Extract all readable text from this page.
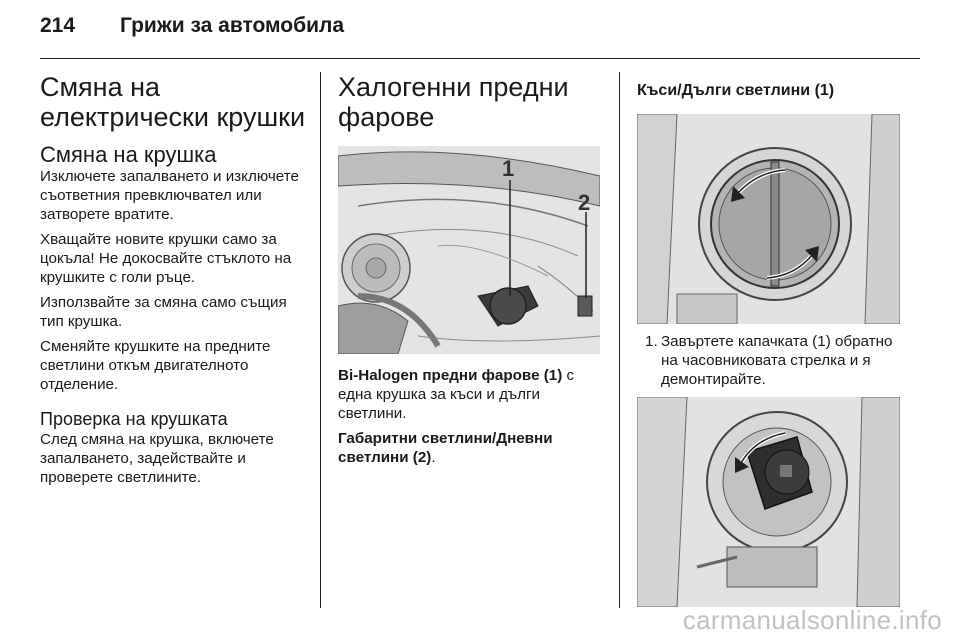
214 Грижи за автомобила
Смяна на електрически крушки
Смяна на крушка

Изключете запалването и изключете съответния превключвател или затворете вратите.

Хващайте новите крушки само за цокъла! Не докосвайте стъклото на крушките с голи ръце.

Използвайте за смяна само същия тип крушка.

Сменяйте крушките на предните светлини откъм двигателното отделение.

Проверка на крушката

След смяна на крушка, включете запалването, задействайте и проверете светлините.

Халогенни предни фарове
1
2

Bi-Halogen предни фарове (1) с една крушка за къси и дълги светлини.

Габаритни светлини/Дневни светлини (2).

Къси/Дълги светлини (1)
1. Завъртете капачката (1) обратно на часовниковата стрелка и я демонтирайте.
carmanualsonline.info
